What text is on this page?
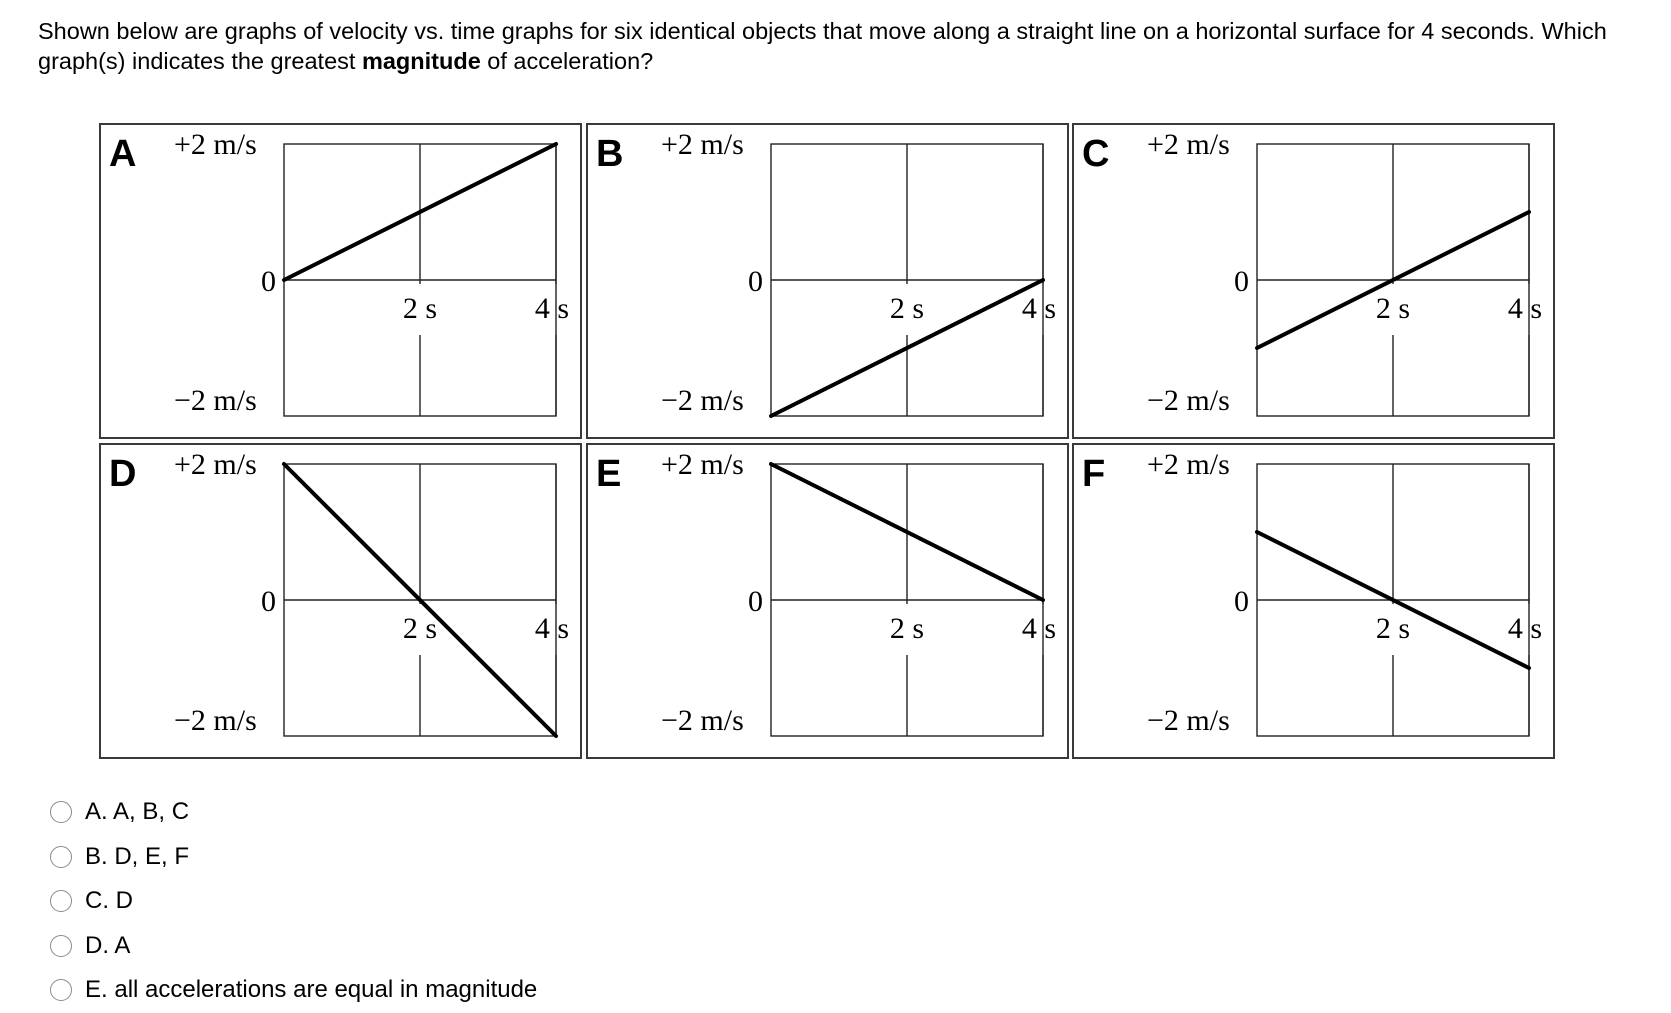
Shown below are graphs of velocity vs. time graphs for six identical objects that move along a straight line on a horizontal surface for 4 seconds. Which graph(s) indicates the greatest magnitude of acceleration?
A +2 m/s
0
−2 m/s
2 s	4 s
B +2 m/s
0
−2 m/s
2 s	4 s
C +2 m/s
0
−2 m/s
2 s	4 s
D +2 m/s
0
−2 m/s
2 s	4 s
E +2 m/s
0
−2 m/s
2 s	4 s
F +2 m/s
0
−2 m/s
2 s	4 s
A. A, B, C
B. D, E, F
C. D
D. A
E. all accelerations are equal in magnitude
